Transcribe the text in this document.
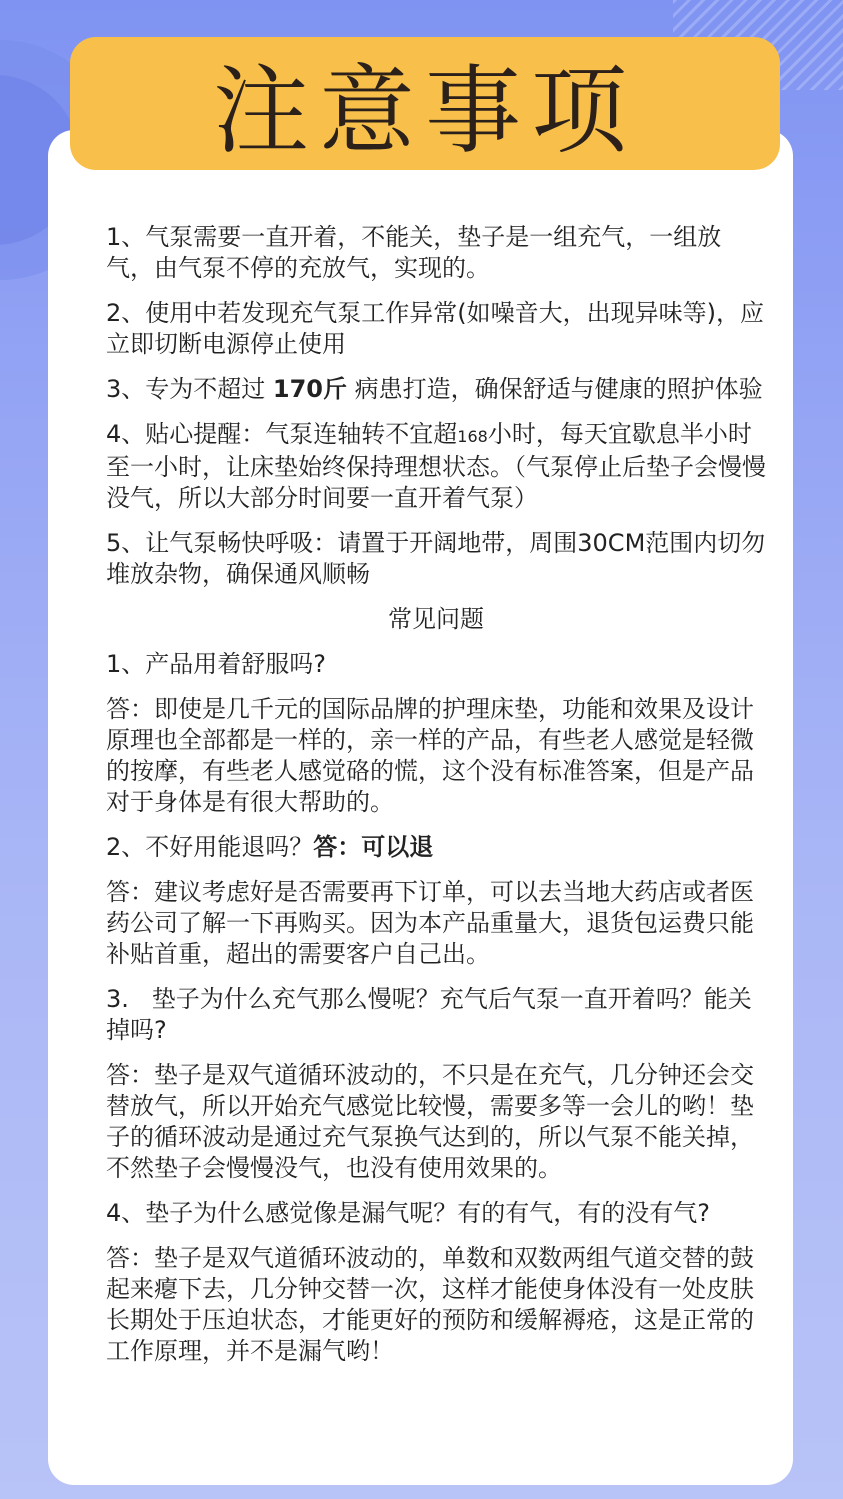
注意事项

1、气泵需要一直开着，不能关，垫子是一组充气，一组放气，由气泵不停的充放气，实现的。

2、使用中若发现充气泵工作异常(如噪音大，出现异味等)，应立即切断电源停止使用

3、专为不超过 170斤 病患打造，确保舒适与健康的照护体验

4、贴心提醒：气泵连轴转不宜超168小时，每天宜歇息半小时至一小时，让床垫始终保持理想状态。（气泵停止后垫子会慢慢没气，所以大部分时间要一直开着气泵）

5、让气泵畅快呼吸：请置于开阔地带，周围30CM范围内切勿堆放杂物，确保通风顺畅

常见问题

1、产品用着舒服吗?

答：即使是几千元的国际品牌的护理床垫，功能和效果及设计原理也全部都是一样的，亲一样的产品，有些老人感觉是轻微的按摩，有些老人感觉硌的慌，这个没有标准答案，但是产品对于身体是有很大帮助的。

2、不好用能退吗？答：可以退

答：建议考虑好是否需要再下订单，可以去当地大药店或者医药公司了解一下再购买。因为本产品重量大，退货包运费只能补贴首重，超出的需要客户自己出。

3.   垫子为什么充气那么慢呢？充气后气泵一直开着吗？能关掉吗?

答：垫子是双气道循环波动的，不只是在充气，几分钟还会交替放气，所以开始充气感觉比较慢，需要多等一会儿的哟！垫子的循环波动是通过充气泵换气达到的，所以气泵不能关掉，不然垫子会慢慢没气，也没有使用效果的。

4、垫子为什么感觉像是漏气呢？有的有气，有的没有气?

答：垫子是双气道循环波动的，单数和双数两组气道交替的鼓起来瘪下去，几分钟交替一次，这样才能使身体没有一处皮肤长期处于压迫状态，才能更好的预防和缓解褥疮，这是正常的工作原理，并不是漏气哟！
